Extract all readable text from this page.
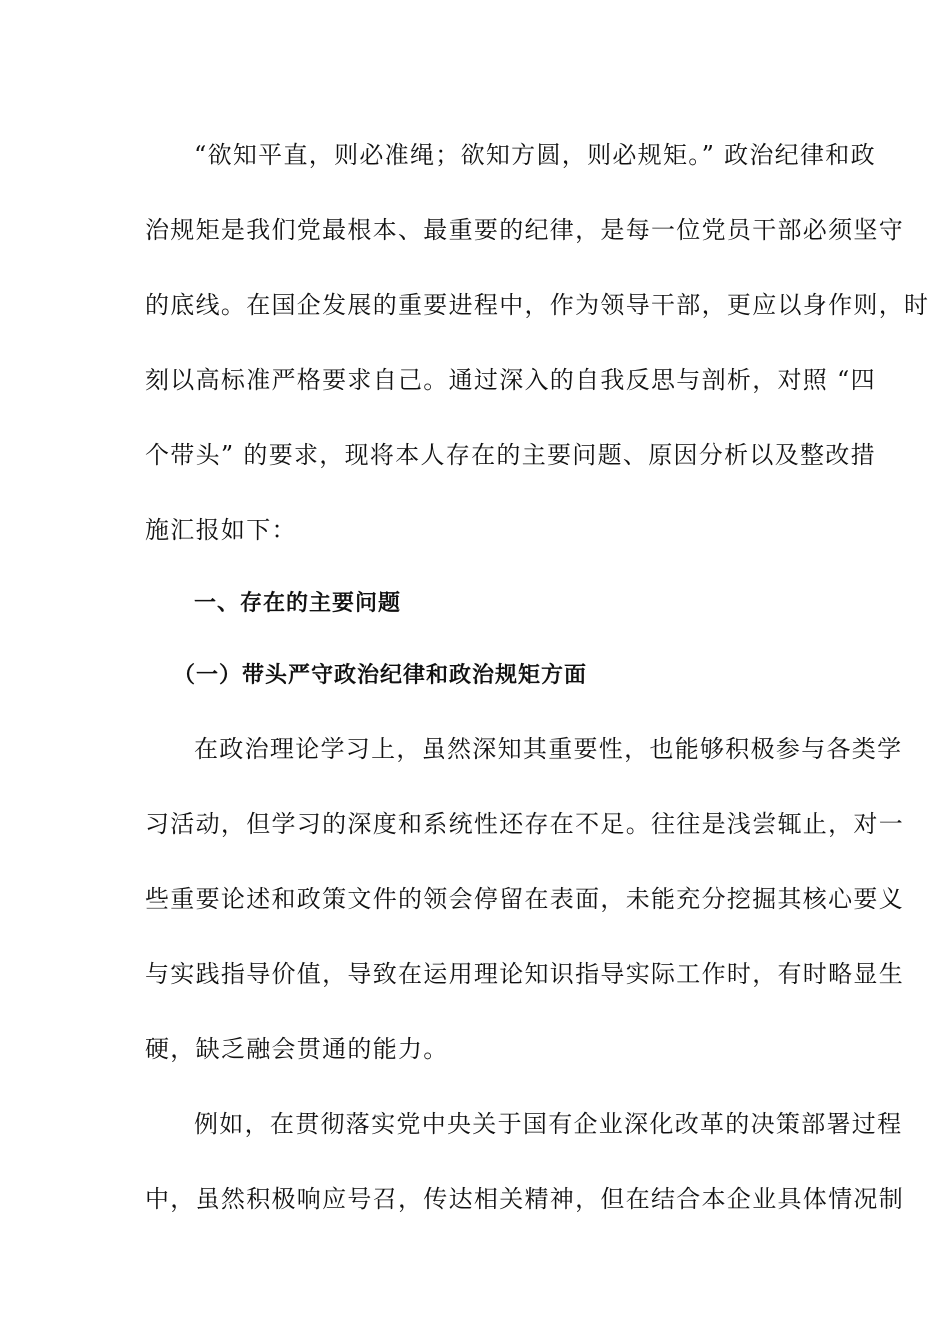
“欲知平直，则必准绳；欲知方圆，则必规矩。” 政治纪律和政
治规矩是我们党最根本、最重要的纪律，是每一位党员干部必须坚守
的底线。在国企发展的重要进程中，作为领导干部，更应以身作则，时
刻以高标准严格要求自己。通过深入的自我反思与剖析，对照 “四
个带头” 的要求，现将本人存在的主要问题、原因分析以及整改措
施汇报如下：

一、存在的主要问题
（一）带头严守政治纪律和政治规矩方面

在政治理论学习上，虽然深知其重要性，也能够积极参与各类学
习活动，但学习的深度和系统性还存在不足。往往是浅尝辄止，对一
些重要论述和政策文件的领会停留在表面，未能充分挖掘其核心要义
与实践指导价值，导致在运用理论知识指导实际工作时，有时略显生
硬，缺乏融会贯通的能力。

例如，在贯彻落实党中央关于国有企业深化改革的决策部署过程
中，虽然积极响应号召，传达相关精神，但在结合本企业具体情况制
